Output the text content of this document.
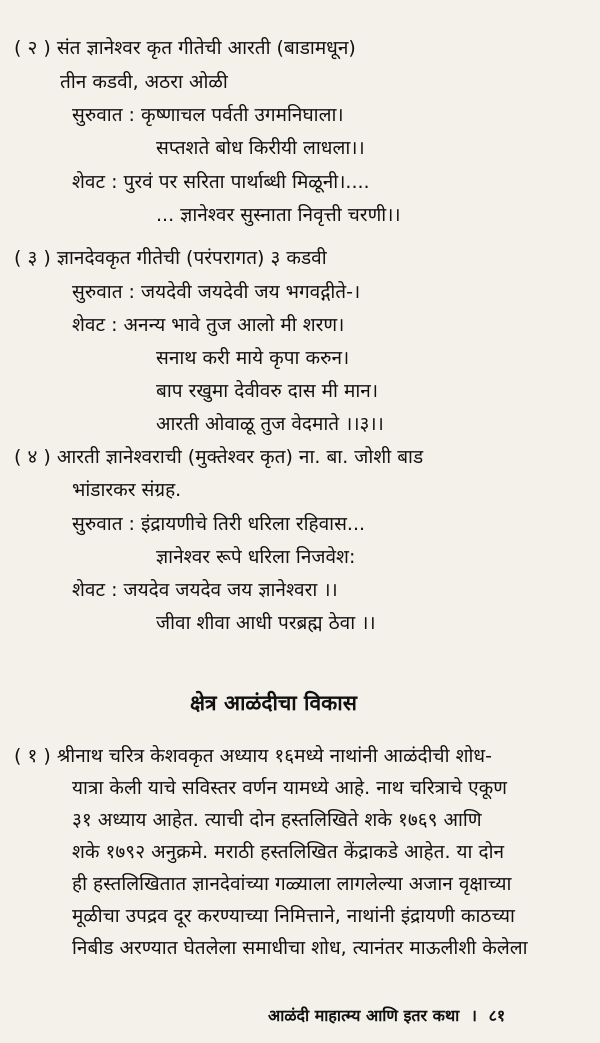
( २ ) संत ज्ञानेश्वर कृत गीतेची आरती (बाडामधून)
तीन कडवी, अठरा ओळी
सुरुवात : कृष्णाचल पर्वती उगमनिघाला।
सप्तशते बोध किरीयी लाधला।।
शेवट : पुरवं पर सरिता पार्थाब्धी मिळूनी।....
... ज्ञानेश्वर सुस्नाता निवृत्ती चरणी।।
( ३ ) ज्ञानदेवकृत गीतेची (परंपरागत) ३ कडवी
सुरुवात : जयदेवी जयदेवी जय भगवद्गीते-।
शेवट : अनन्य भावे तुज आलो मी शरण।
सनाथ करी माये कृपा करुन।
बाप रखुमा देवीवरु दास मी मान।
आरती ओवाळू तुज वेदमाते ।।३।।
( ४ ) आरती ज्ञानेश्वराची (मुक्तेश्वर कृत) ना. बा. जोशी बाड
भांडारकर संग्रह.
सुरुवात : इंद्रायणीचे तिरी धरिला रहिवास...
ज्ञानेश्वर रूपे धरिला निजवेश:
शेवट : जयदेव जयदेव जय ज्ञानेश्वरा ।।
जीवा शीवा आधी परब्रह्म ठेवा ।।
क्षेत्र आळंदीचा विकास
( १ ) श्रीनाथ चरित्र केशवकृत अध्याय १६मध्ये नाथांनी आळंदीची शोध-
यात्रा केली याचे सविस्तर वर्णन यामध्ये आहे. नाथ चरित्राचे एकूण
३१ अध्याय आहेत. त्याची दोन हस्तलिखिते शके १७६९ आणि
शके १७९२ अनुक्रमे. मराठी हस्तलिखित केंद्राकडे आहेत. या दोन
ही हस्तलिखितात ज्ञानदेवांच्या गळ्याला लागलेल्या अजान वृक्षाच्या
मूळीचा उपद्रव दूर करण्याच्या निमित्ताने, नाथांनी इंद्रायणी काठच्या
निबीड अरण्यात घेतलेला समाधीचा शोध, त्यानंतर माऊलीशी केलेला
आळंदी माहात्म्य आणि इतर कथा । ८१
